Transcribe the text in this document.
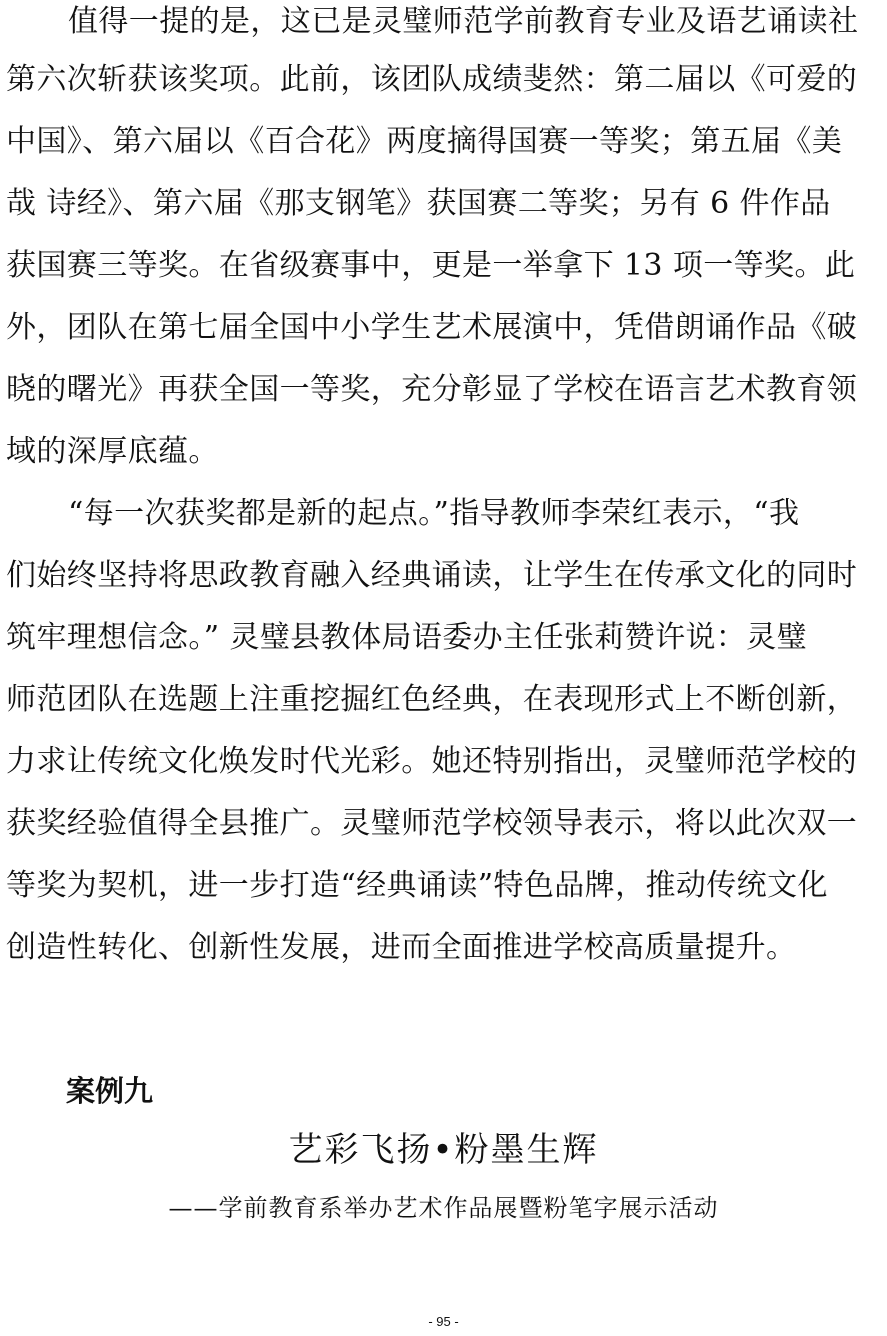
值得一提的是，这已是灵璧师范学前教育专业及语艺诵读社
第六次斩获该奖项。此前，该团队成绩斐然：第二届以《可爱的
中国》、第六届以《百合花》两度摘得国赛一等奖；第五届《美
哉 诗经》、第六届《那支钢笔》获国赛二等奖；另有 6 件作品
获国赛三等奖。在省级赛事中，更是一举拿下 13 项一等奖。此
外，团队在第七届全国中小学生艺术展演中，凭借朗诵作品《破
晓的曙光》再获全国一等奖，充分彰显了学校在语言艺术教育领
域的深厚底蕴。
“每一次获奖都是新的起点。”指导教师李荣红表示，“我
们始终坚持将思政教育融入经典诵读，让学生在传承文化的同时
筑牢理想信念。” 灵璧县教体局语委办主任张莉赞许说：灵璧
师范团队在选题上注重挖掘红色经典，在表现形式上不断创新，
力求让传统文化焕发时代光彩。她还特别指出，灵璧师范学校的
获奖经验值得全县推广。灵璧师范学校领导表示，将以此次双一
等奖为契机，进一步打造“经典诵读”特色品牌，推动传统文化
创造性转化、创新性发展，进而全面推进学校高质量提升。
案例九
艺彩飞扬•粉墨生辉
——学前教育系举办艺术作品展暨粉笔字展示活动
- 95 -
